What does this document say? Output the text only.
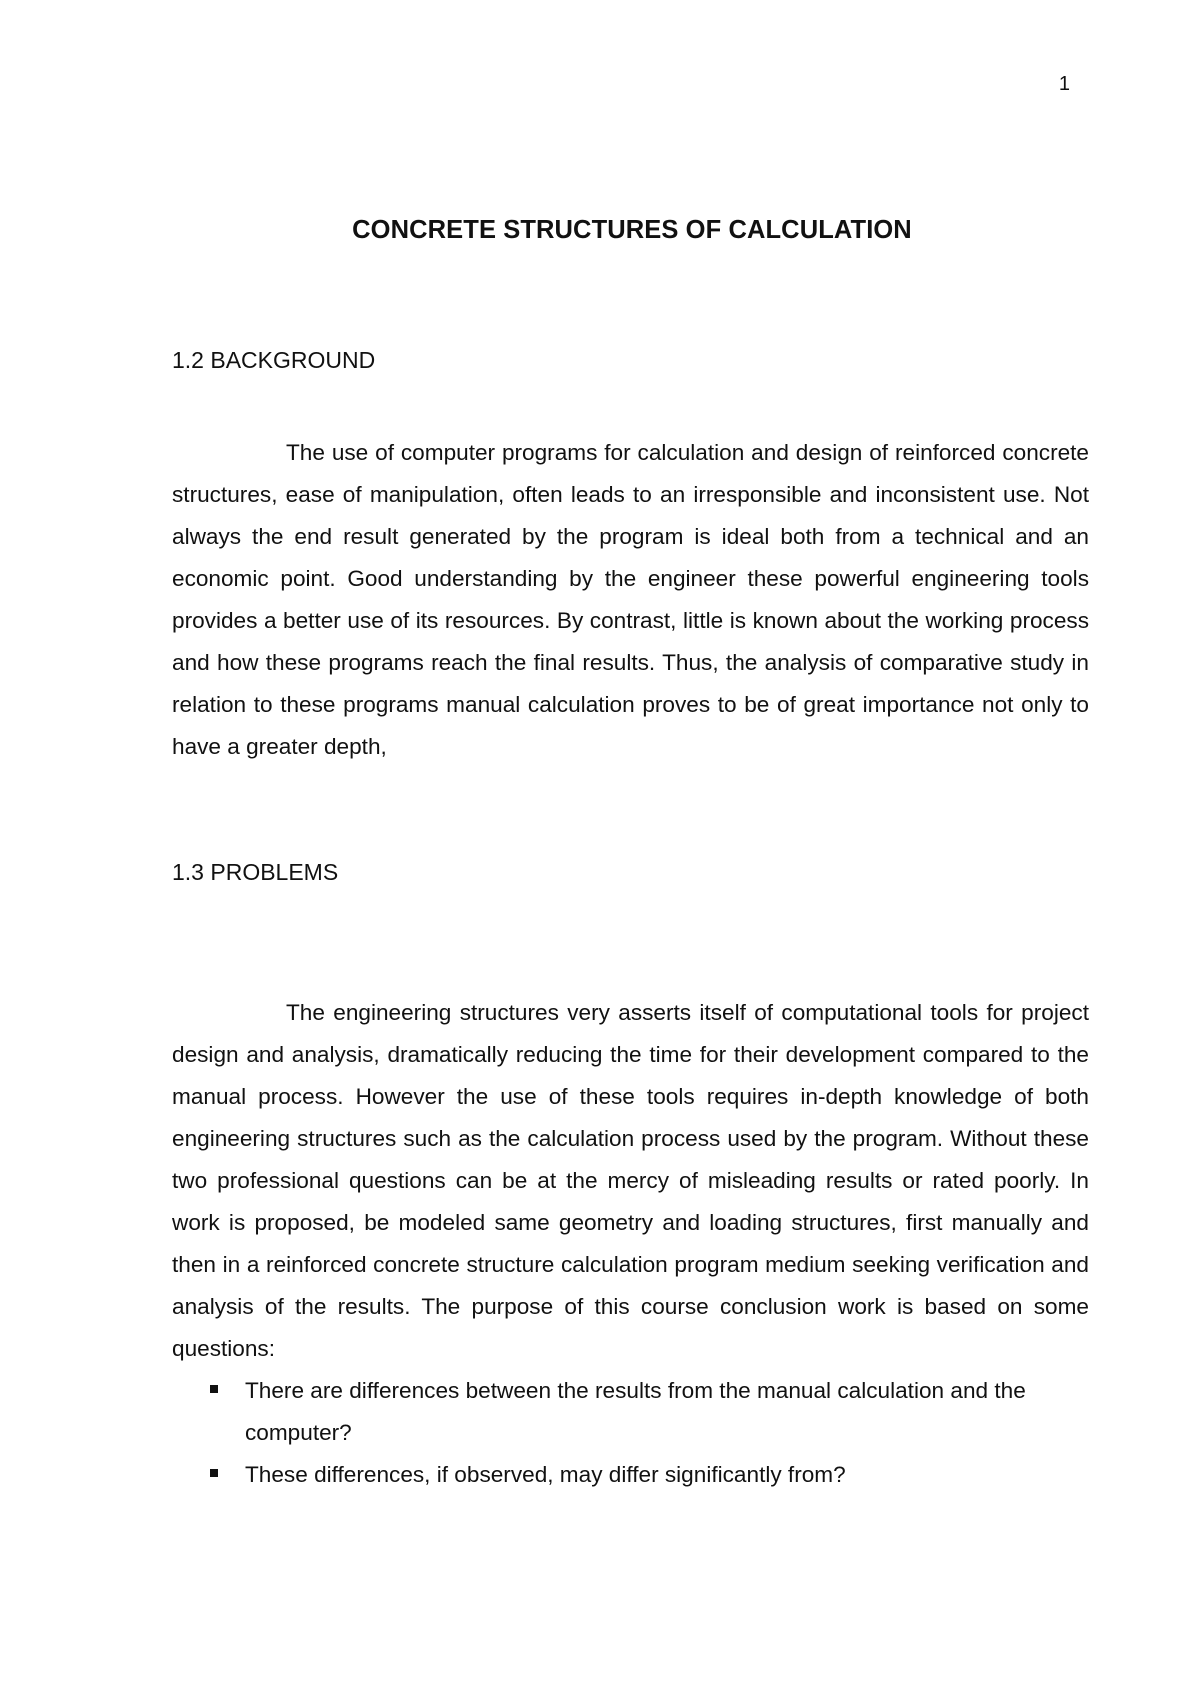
1
CONCRETE STRUCTURES OF CALCULATION
1.2 BACKGROUND

The use of computer programs for calculation and design of reinforced concrete structures, ease of manipulation, often leads to an irresponsible and inconsistent use. Not always the end result generated by the program is ideal both from a technical and an economic point. Good understanding by the engineer these powerful engineering tools provides a better use of its resources. By contrast, little is known about the working process and how these programs reach the final results. Thus, the analysis of comparative study in relation to these programs manual calculation proves to be of great importance not only to have a greater depth,

1.3 PROBLEMS

The engineering structures very asserts itself of computational tools for project design and analysis, dramatically reducing the time for their development compared to the manual process. However the use of these tools requires in-depth knowledge of both engineering structures such as the calculation process used by the program. Without these two professional questions can be at the mercy of misleading results or rated poorly. In work is proposed, be modeled same geometry and loading structures, first manually and then in a reinforced concrete structure calculation program medium seeking verification and analysis of the results. The purpose of this course conclusion work is based on some questions:

There are differences between the results from the manual calculation and the computer?
These differences, if observed, may differ significantly from?
